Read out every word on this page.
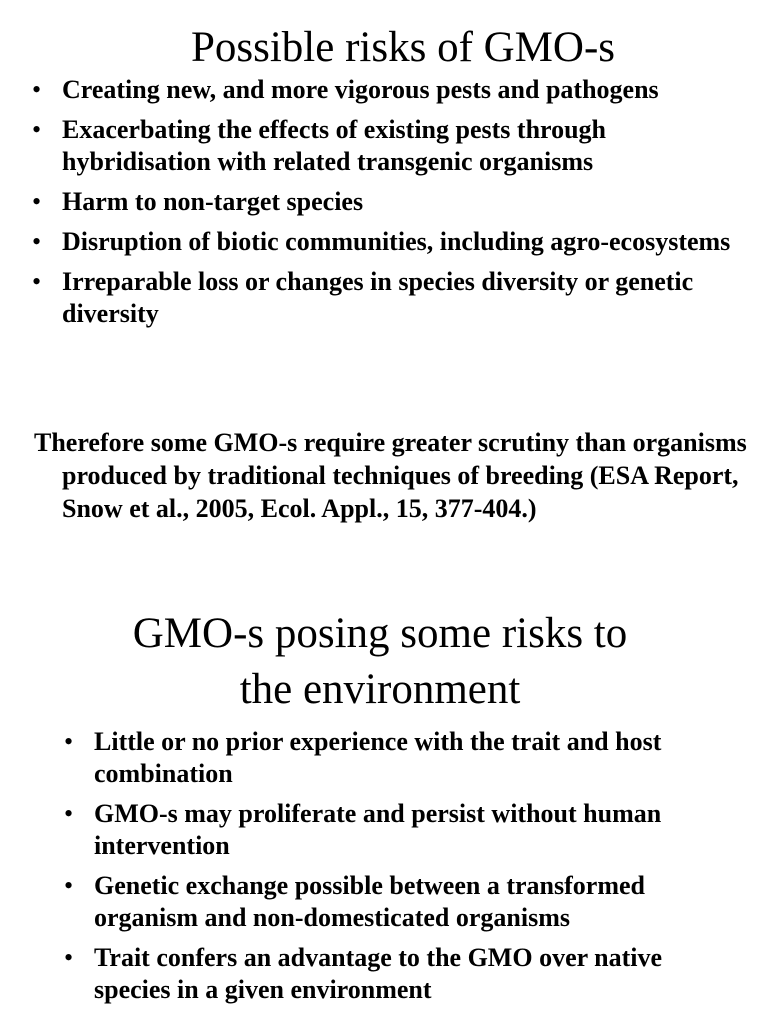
Possible risks of GMO-s
• Creating new, and more vigorous pests and pathogens
• Exacerbating the effects of existing pests through hybridisation with related transgenic organisms
• Harm to non-target species
• Disruption of biotic communities, including agro-ecosystems
• Irreparable loss or changes in species diversity or genetic diversity

Therefore some GMO-s require greater scrutiny than organisms produced by traditional techniques of breeding (ESA Report, Snow et al., 2005, Ecol. Appl., 15, 377-404.)

GMO-s posing some risks to
the environment
• Little or no prior experience with the trait and host combination
• GMO-s may proliferate and persist without human intervention
• Genetic exchange possible between a transformed organism and non-domesticated organisms
• Trait confers an advantage to the GMO over native species in a given environment
